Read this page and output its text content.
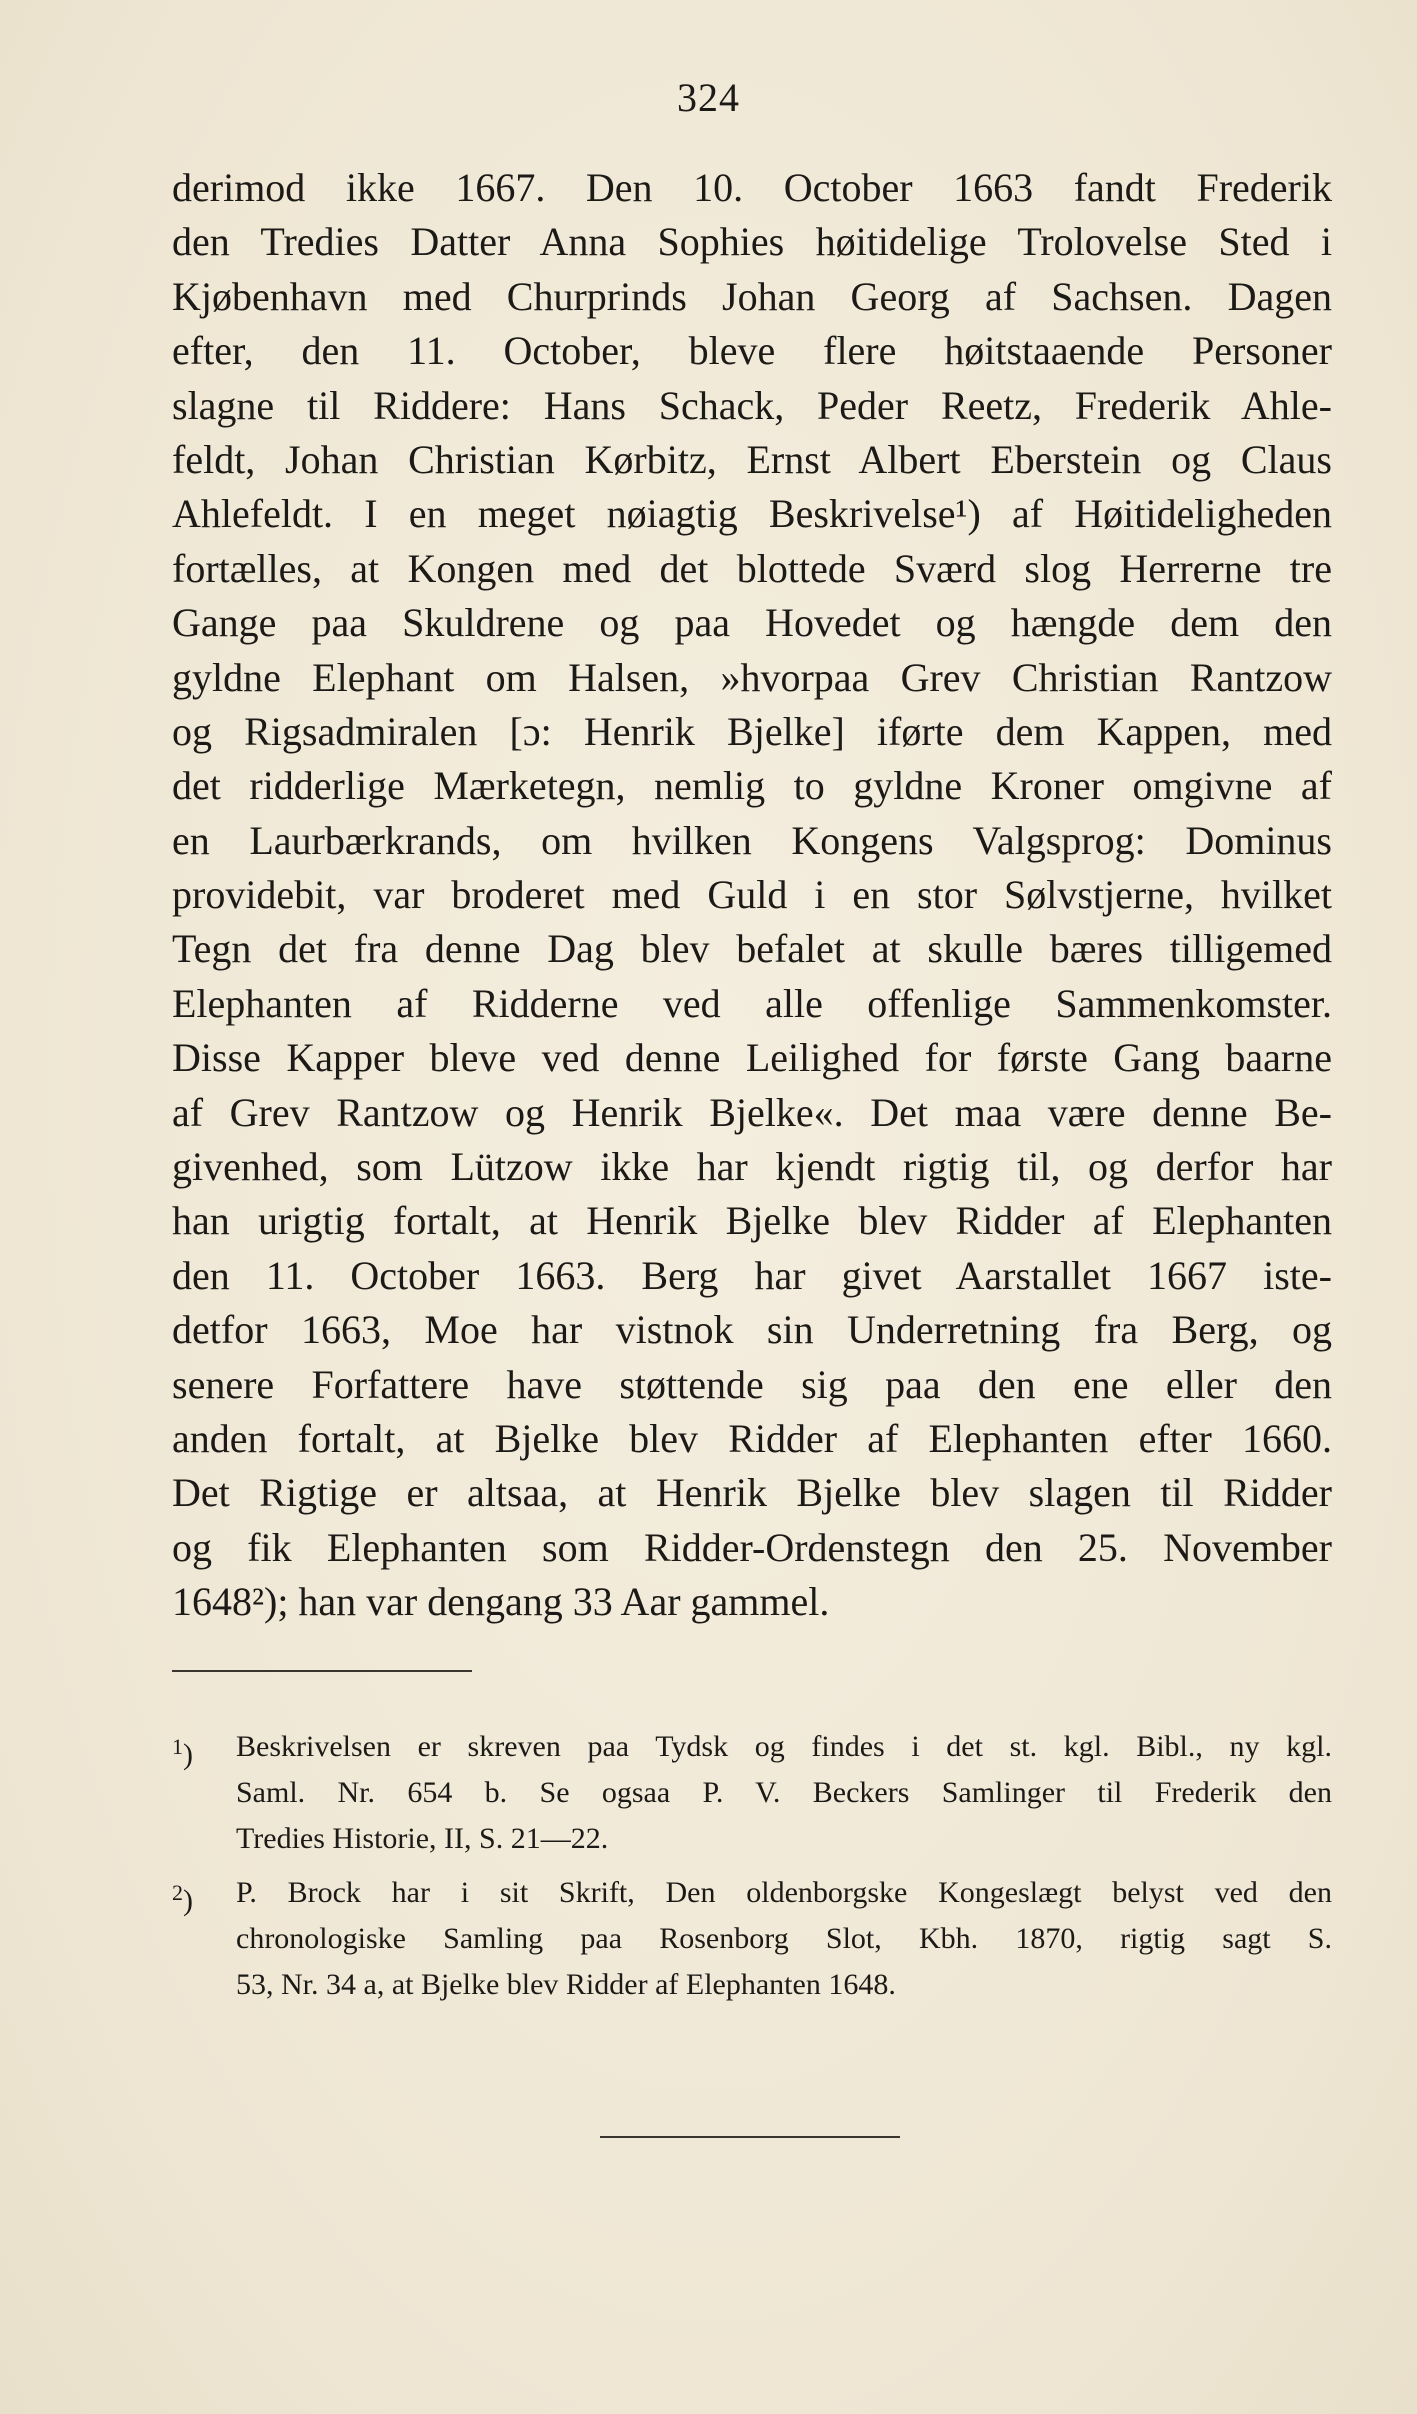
324
derimod ikke 1667. Den 10. October 1663 fandt Frederik
den Tredies Datter Anna Sophies høitidelige Trolovelse Sted i
Kjøbenhavn med Churprinds Johan Georg af Sachsen. Dagen
efter, den 11. October, bleve flere høitstaaende Personer
slagne til Riddere: Hans Schack, Peder Reetz, Frederik Ahle-
feldt, Johan Christian Kørbitz, Ernst Albert Eberstein og Claus
Ahlefeldt. I en meget nøiagtig Beskrivelse¹) af Høitideligheden
fortælles, at Kongen med det blottede Sværd slog Herrerne tre
Gange paa Skuldrene og paa Hovedet og hængde dem den
gyldne Elephant om Halsen, »hvorpaa Grev Christian Rantzow
og Rigsadmiralen [ɔ: Henrik Bjelke] iførte dem Kappen, med
det ridderlige Mærketegn, nemlig to gyldne Kroner omgivne af
en Laurbærkrands, om hvilken Kongens Valgsprog: Dominus
providebit, var broderet med Guld i en stor Sølvstjerne, hvilket
Tegn det fra denne Dag blev befalet at skulle bæres tilligemed
Elephanten af Ridderne ved alle offenlige Sammenkomster.
Disse Kapper bleve ved denne Leilighed for første Gang baarne
af Grev Rantzow og Henrik Bjelke«. Det maa være denne Be-
givenhed, som Lützow ikke har kjendt rigtig til, og derfor har
han urigtig fortalt, at Henrik Bjelke blev Ridder af Elephanten
den 11. October 1663. Berg har givet Aarstallet 1667 iste-
detfor 1663, Moe har vistnok sin Underretning fra Berg, og
senere Forfattere have støttende sig paa den ene eller den
anden fortalt, at Bjelke blev Ridder af Elephanten efter 1660.
Det Rigtige er altsaa, at Henrik Bjelke blev slagen til Ridder
og fik Elephanten som Ridder-Ordenstegn den 25. November
1648²); han var dengang 33 Aar gammel.
$^1$) Beskrivelsen er skreven paa Tydsk og findes i det st. kgl. Bibl., ny kgl.
Saml. Nr. 654 b. Se ogsaa P. V. Beckers Samlinger til Frederik den
Tredies Historie, II, S. 21—22.
$^2$) P. Brock har i sit Skrift, Den oldenborgske Kongeslægt belyst ved den
chronologiske Samling paa Rosenborg Slot, Kbh. 1870, rigtig sagt S.
53, Nr. 34 a, at Bjelke blev Ridder af Elephanten 1648.
